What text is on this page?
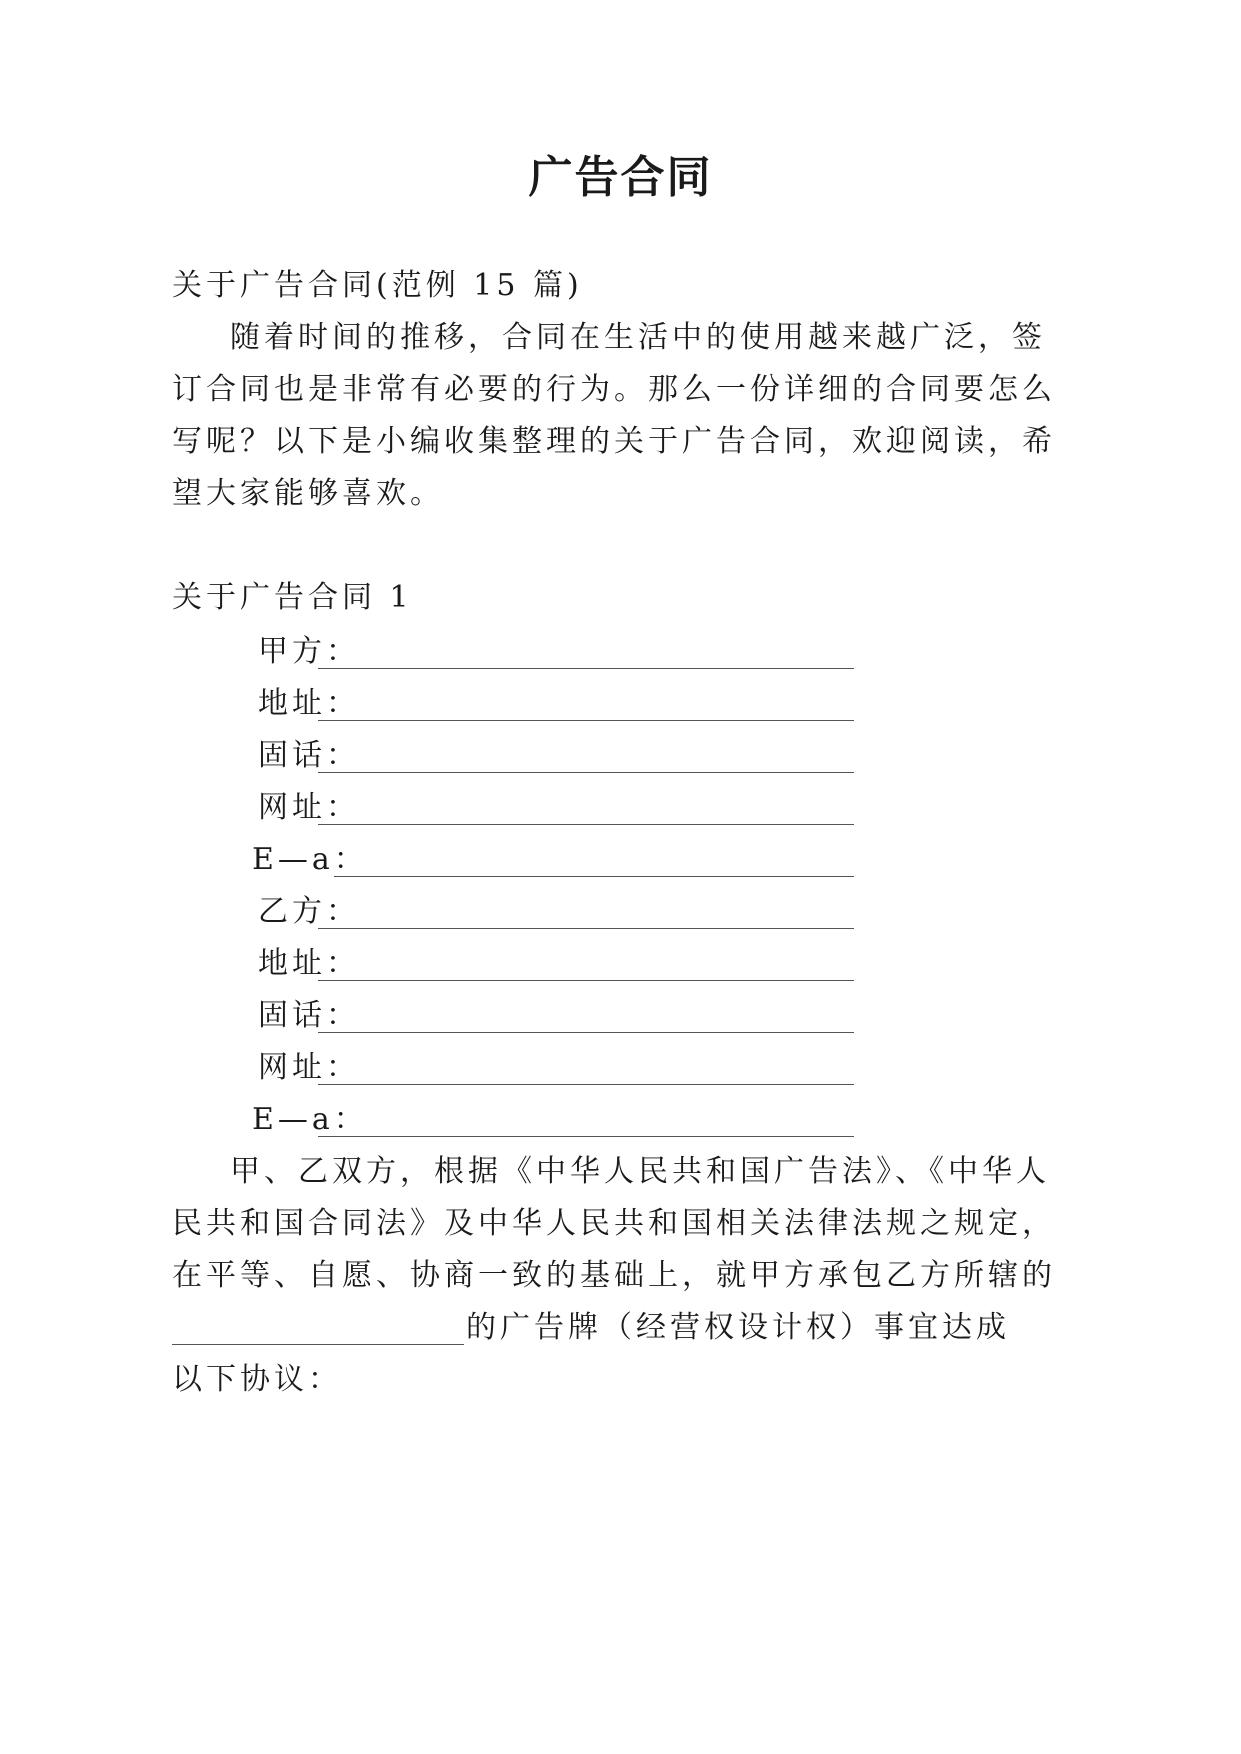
广告合同
关于广告合同(范例 15 篇)
随着时间的推移，合同在生活中的使用越来越广泛，签
订合同也是非常有必要的行为。那么一份详细的合同要怎么
写呢？以下是小编收集整理的关于广告合同，欢迎阅读，希
望大家能够喜欢。
关于广告合同 1
甲方：
地址：
固话：
网址：
E—a：
乙方：
地址：
固话：
网址：
E—a：
甲、乙双方，根据《中华人民共和国广告法》、《中华人
民共和国合同法》及中华人民共和国相关法律法规之规定，
在平等、自愿、协商一致的基础上，就甲方承包乙方所辖的
的广告牌（经营权设计权）事宜达成
以下协议：
